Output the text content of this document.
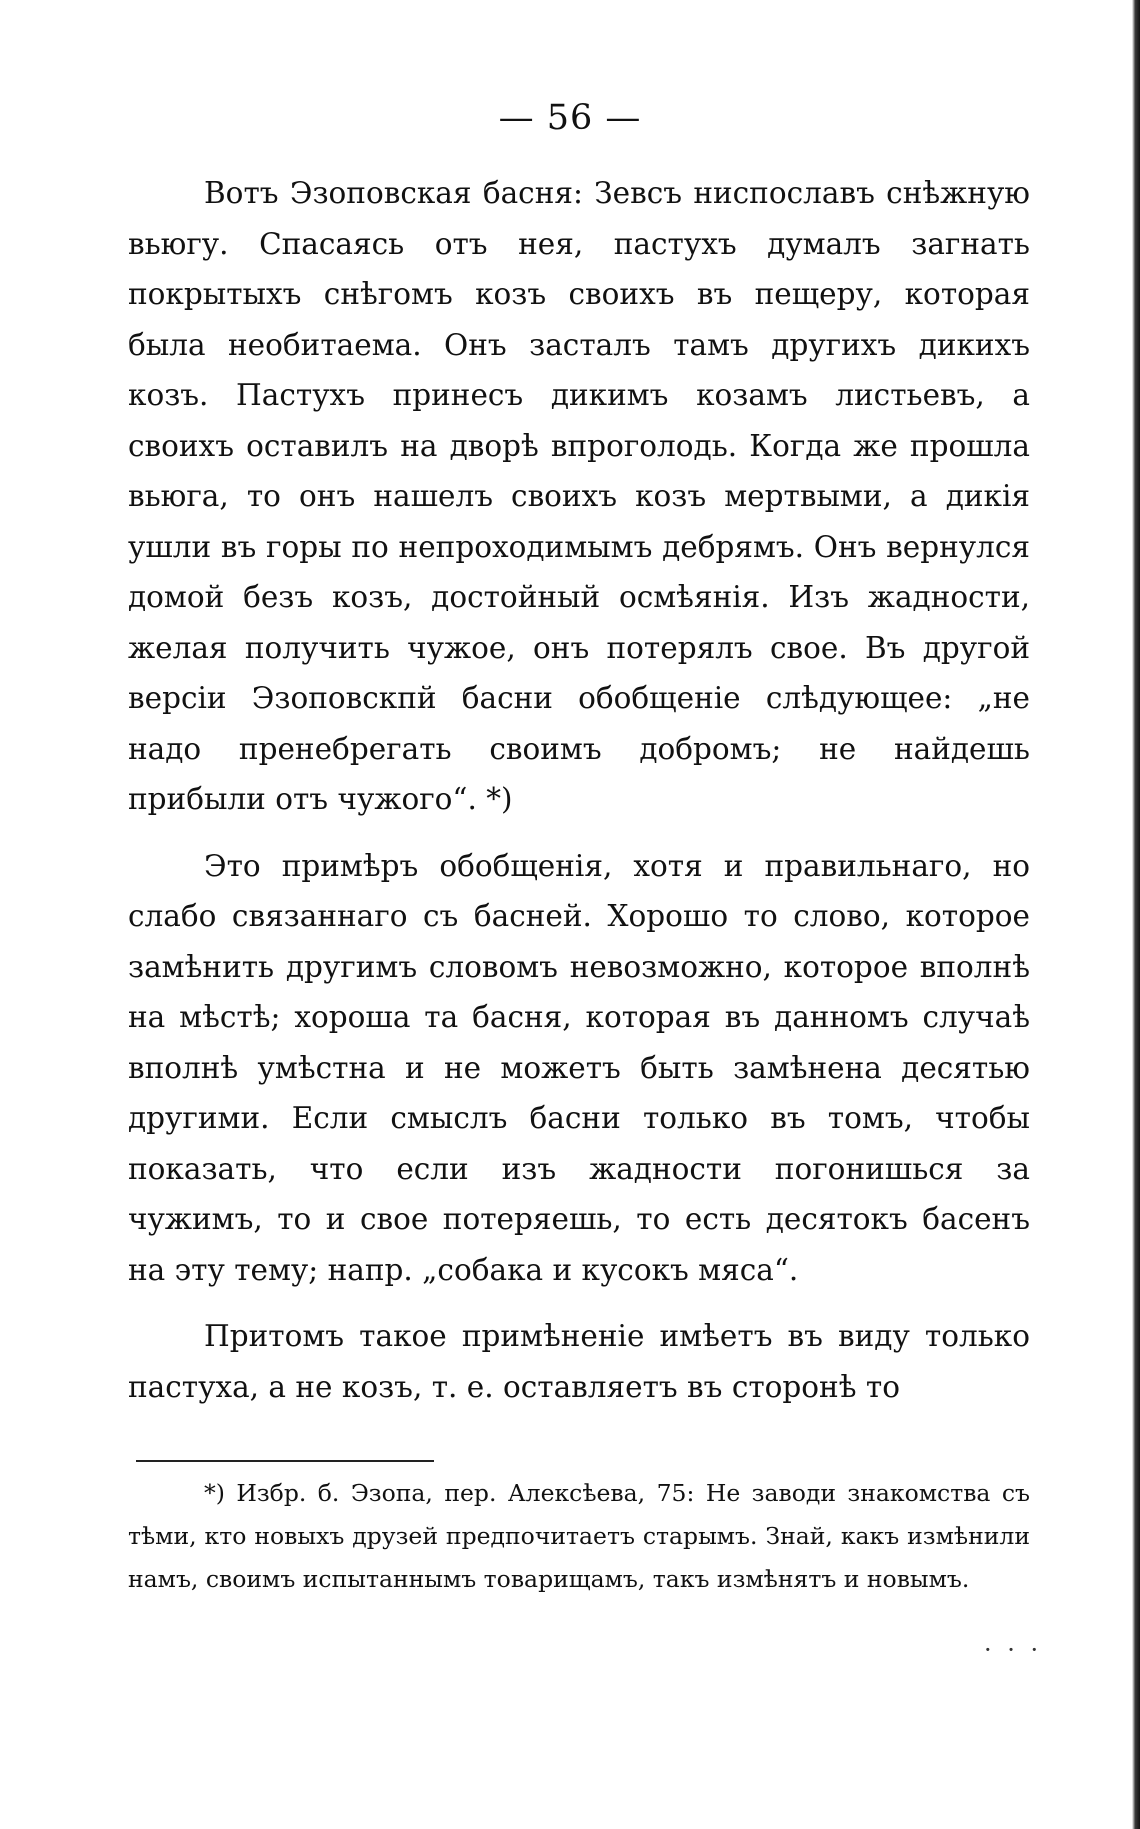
— 56 —

Вотъ Эзоповская басня: Зевсъ ниспославъ снѣжную вьюгу. Спасаясь отъ нея, пастухъ думалъ загнать покрытыхъ снѣгомъ козъ своихъ въ пещеру, которая была необитаема. Онъ засталъ тамъ другихъ дикихъ козъ. Пастухъ принесъ дикимъ козамъ листьевъ, а своихъ оставилъ на дворѣ впроголодь. Когда же прошла вьюга, то онъ нашелъ своихъ козъ мертвыми, а дикія ушли въ горы по непроходимымъ дебрямъ. Онъ вернулся домой безъ козъ, достойный осмѣянія. Изъ жадности, желая получить чужое, онъ потерялъ свое. Въ другой версіи Эзоповскпй басни обобщеніе слѣдующее: „не надо пренебрегать своимъ добромъ; не найдешь прибыли отъ чужого“. *)

Это примѣръ обобщенія, хотя и правильнаго, но слабо связаннаго съ басней. Хорошо то слово, которое замѣнить другимъ словомъ невозможно, которое вполнѣ на мѣстѣ; хороша та басня, которая въ данномъ случаѣ вполнѣ умѣстна и не можетъ быть замѣнена десятью другими. Если смыслъ басни только въ томъ, чтобы показать, что если изъ жадности погонишься за чужимъ, то и свое потеряешь, то есть десятокъ басенъ на эту тему; напр. „собака и кусокъ мяса“.

Притомъ такое примѣненіе имѣетъ въ виду только пастуха, а не козъ, т. е. оставляетъ въ сторонѣ то

*) Избр. б. Эзопа, пер. Алексѣева, 75: Не заводи знакомства съ тѣми, кто новыхъ друзей предпочитаетъ старымъ. Знай, какъ измѣнили намъ, своимъ испытаннымъ товарищамъ, такъ измѣнятъ и новымъ.

· · ·
